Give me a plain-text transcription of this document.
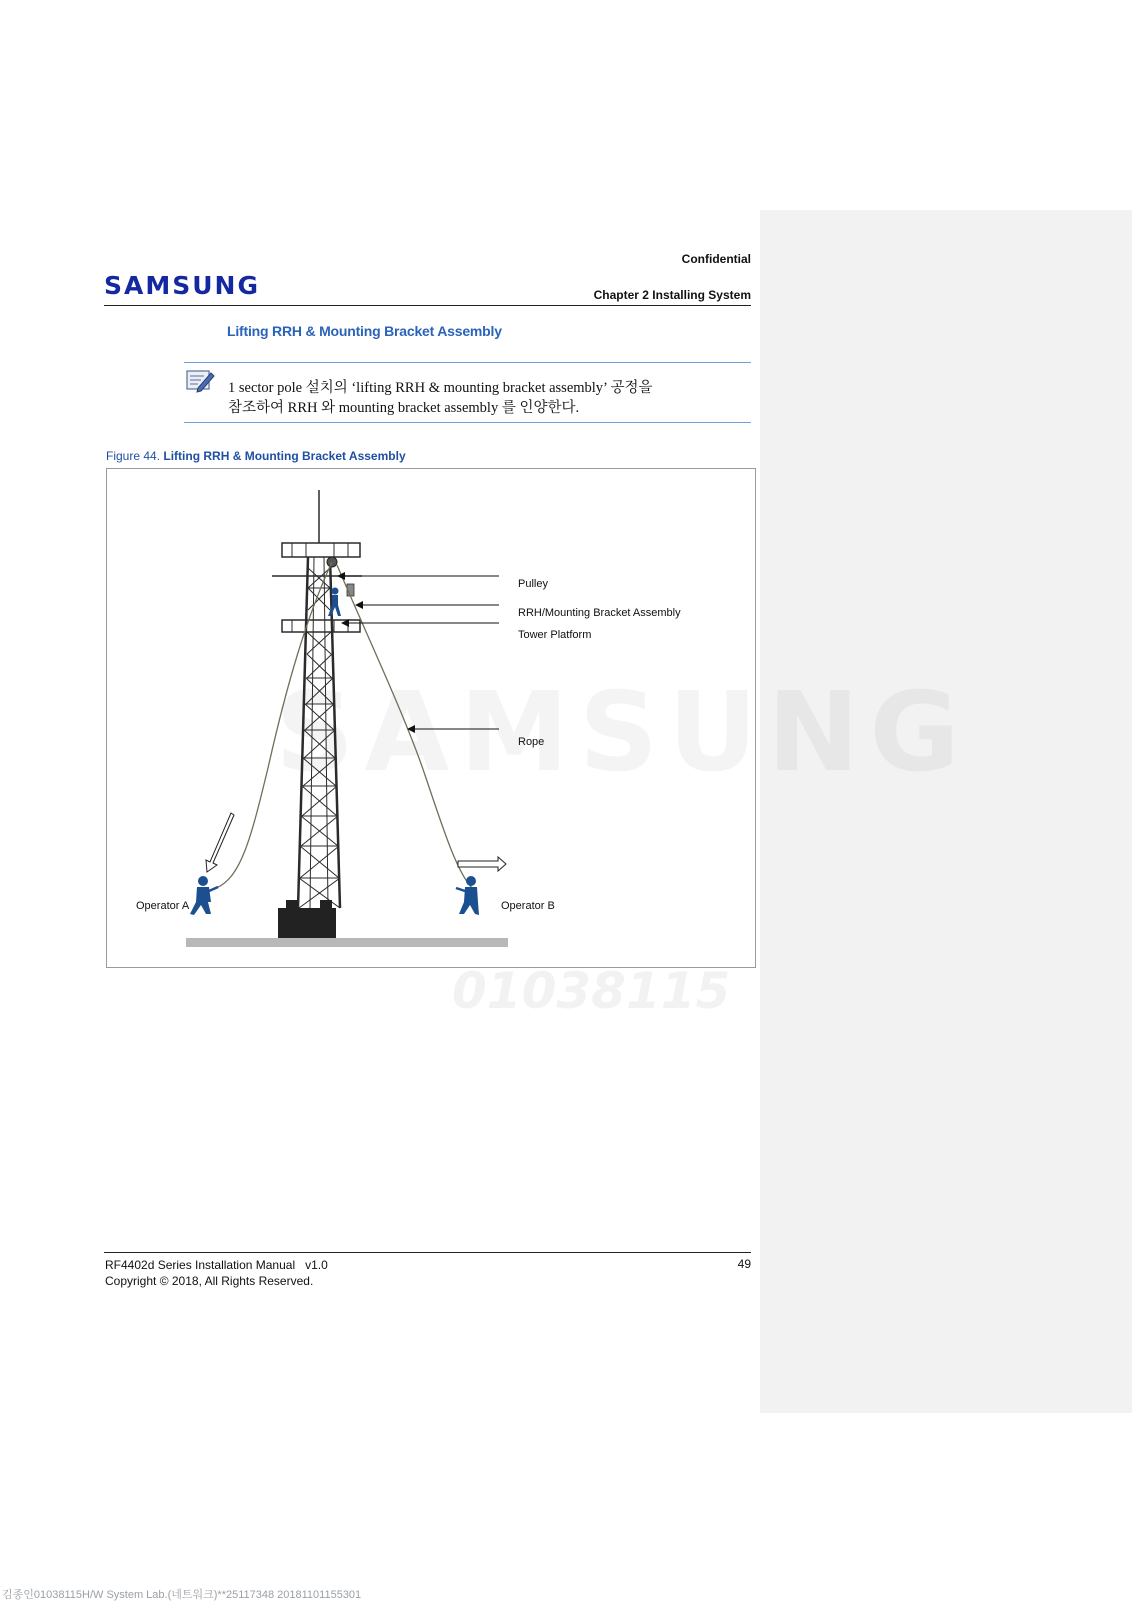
Confidential
SAMSUNG	Chapter 2 Installing System
Lifting RRH & Mounting Bracket Assembly
1 sector pole 설치의 ‘lifting RRH & mounting bracket assembly’ 공정을
참조하여 RRH 와 mounting bracket assembly 를 인양한다.
Figure 44. Lifting RRH & Mounting Bracket Assembly
Pulley
RRH/Mounting Bracket Assembly
Tower Platform
Rope
Operator A	Operator B
01038115
RF4402d Series Installation Manual   v1.0
Copyright © 2018, All Rights Reserved.
49
김종인01038115H/W System Lab.(네트워크)**25117348 20181101155301
